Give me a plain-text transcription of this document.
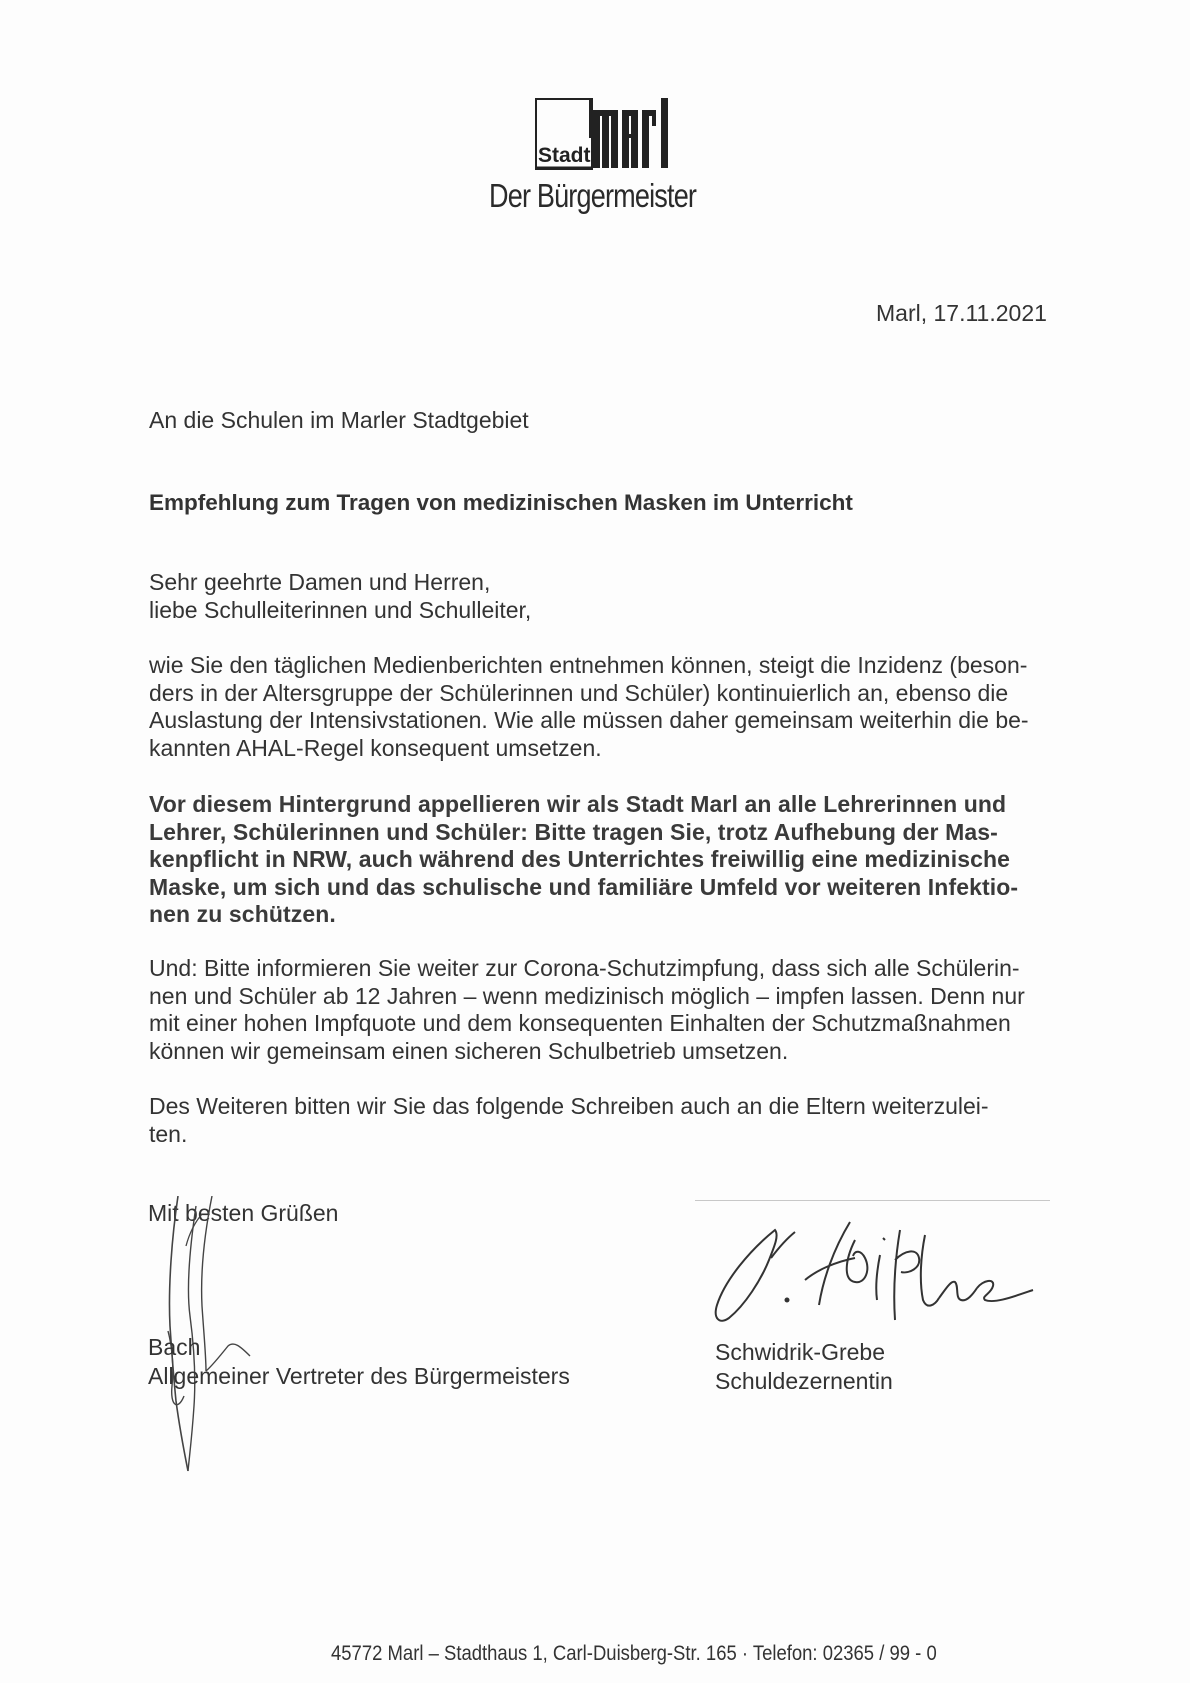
Stadt
Der Bürgermeister
Marl, 17.11.2021
An die Schulen im Marler Stadtgebiet
Empfehlung zum Tragen von medizinischen Masken im Unterricht
Sehr geehrte Damen und Herren,
liebe Schulleiterinnen und Schulleiter,
wie Sie den täglichen Medienberichten entnehmen können, steigt die Inzidenz (beson-
ders in der Altersgruppe der Schülerinnen und Schüler) kontinuierlich an, ebenso die
Auslastung der Intensivstationen. Wie alle müssen daher gemeinsam weiterhin die be-
kannten AHAL-Regel konsequent umsetzen.
Vor diesem Hintergrund appellieren wir als Stadt Marl an alle Lehrerinnen und
Lehrer, Schülerinnen und Schüler: Bitte tragen Sie, trotz Aufhebung der Mas-
kenpflicht in NRW, auch während des Unterrichtes freiwillig eine medizinische
Maske, um sich und das schulische und familiäre Umfeld vor weiteren Infektio-
nen zu schützen.
Und: Bitte informieren Sie weiter zur Corona-Schutzimpfung, dass sich alle Schülerin-
nen und Schüler ab 12 Jahren – wenn medizinisch möglich – impfen lassen. Denn nur
mit einer hohen Impfquote und dem konsequenten Einhalten der Schutzmaßnahmen
können wir gemeinsam einen sicheren Schulbetrieb umsetzen.
Des Weiteren bitten wir Sie das folgende Schreiben auch an die Eltern weiterzulei-
ten.
Mit besten Grüßen
Bach
Allgemeiner Vertreter des Bürgermeisters
Schwidrik-Grebe
Schuldezernentin
45772 Marl – Stadthaus 1, Carl-Duisberg-Str. 165 · Telefon: 02365 / 99 - 0
